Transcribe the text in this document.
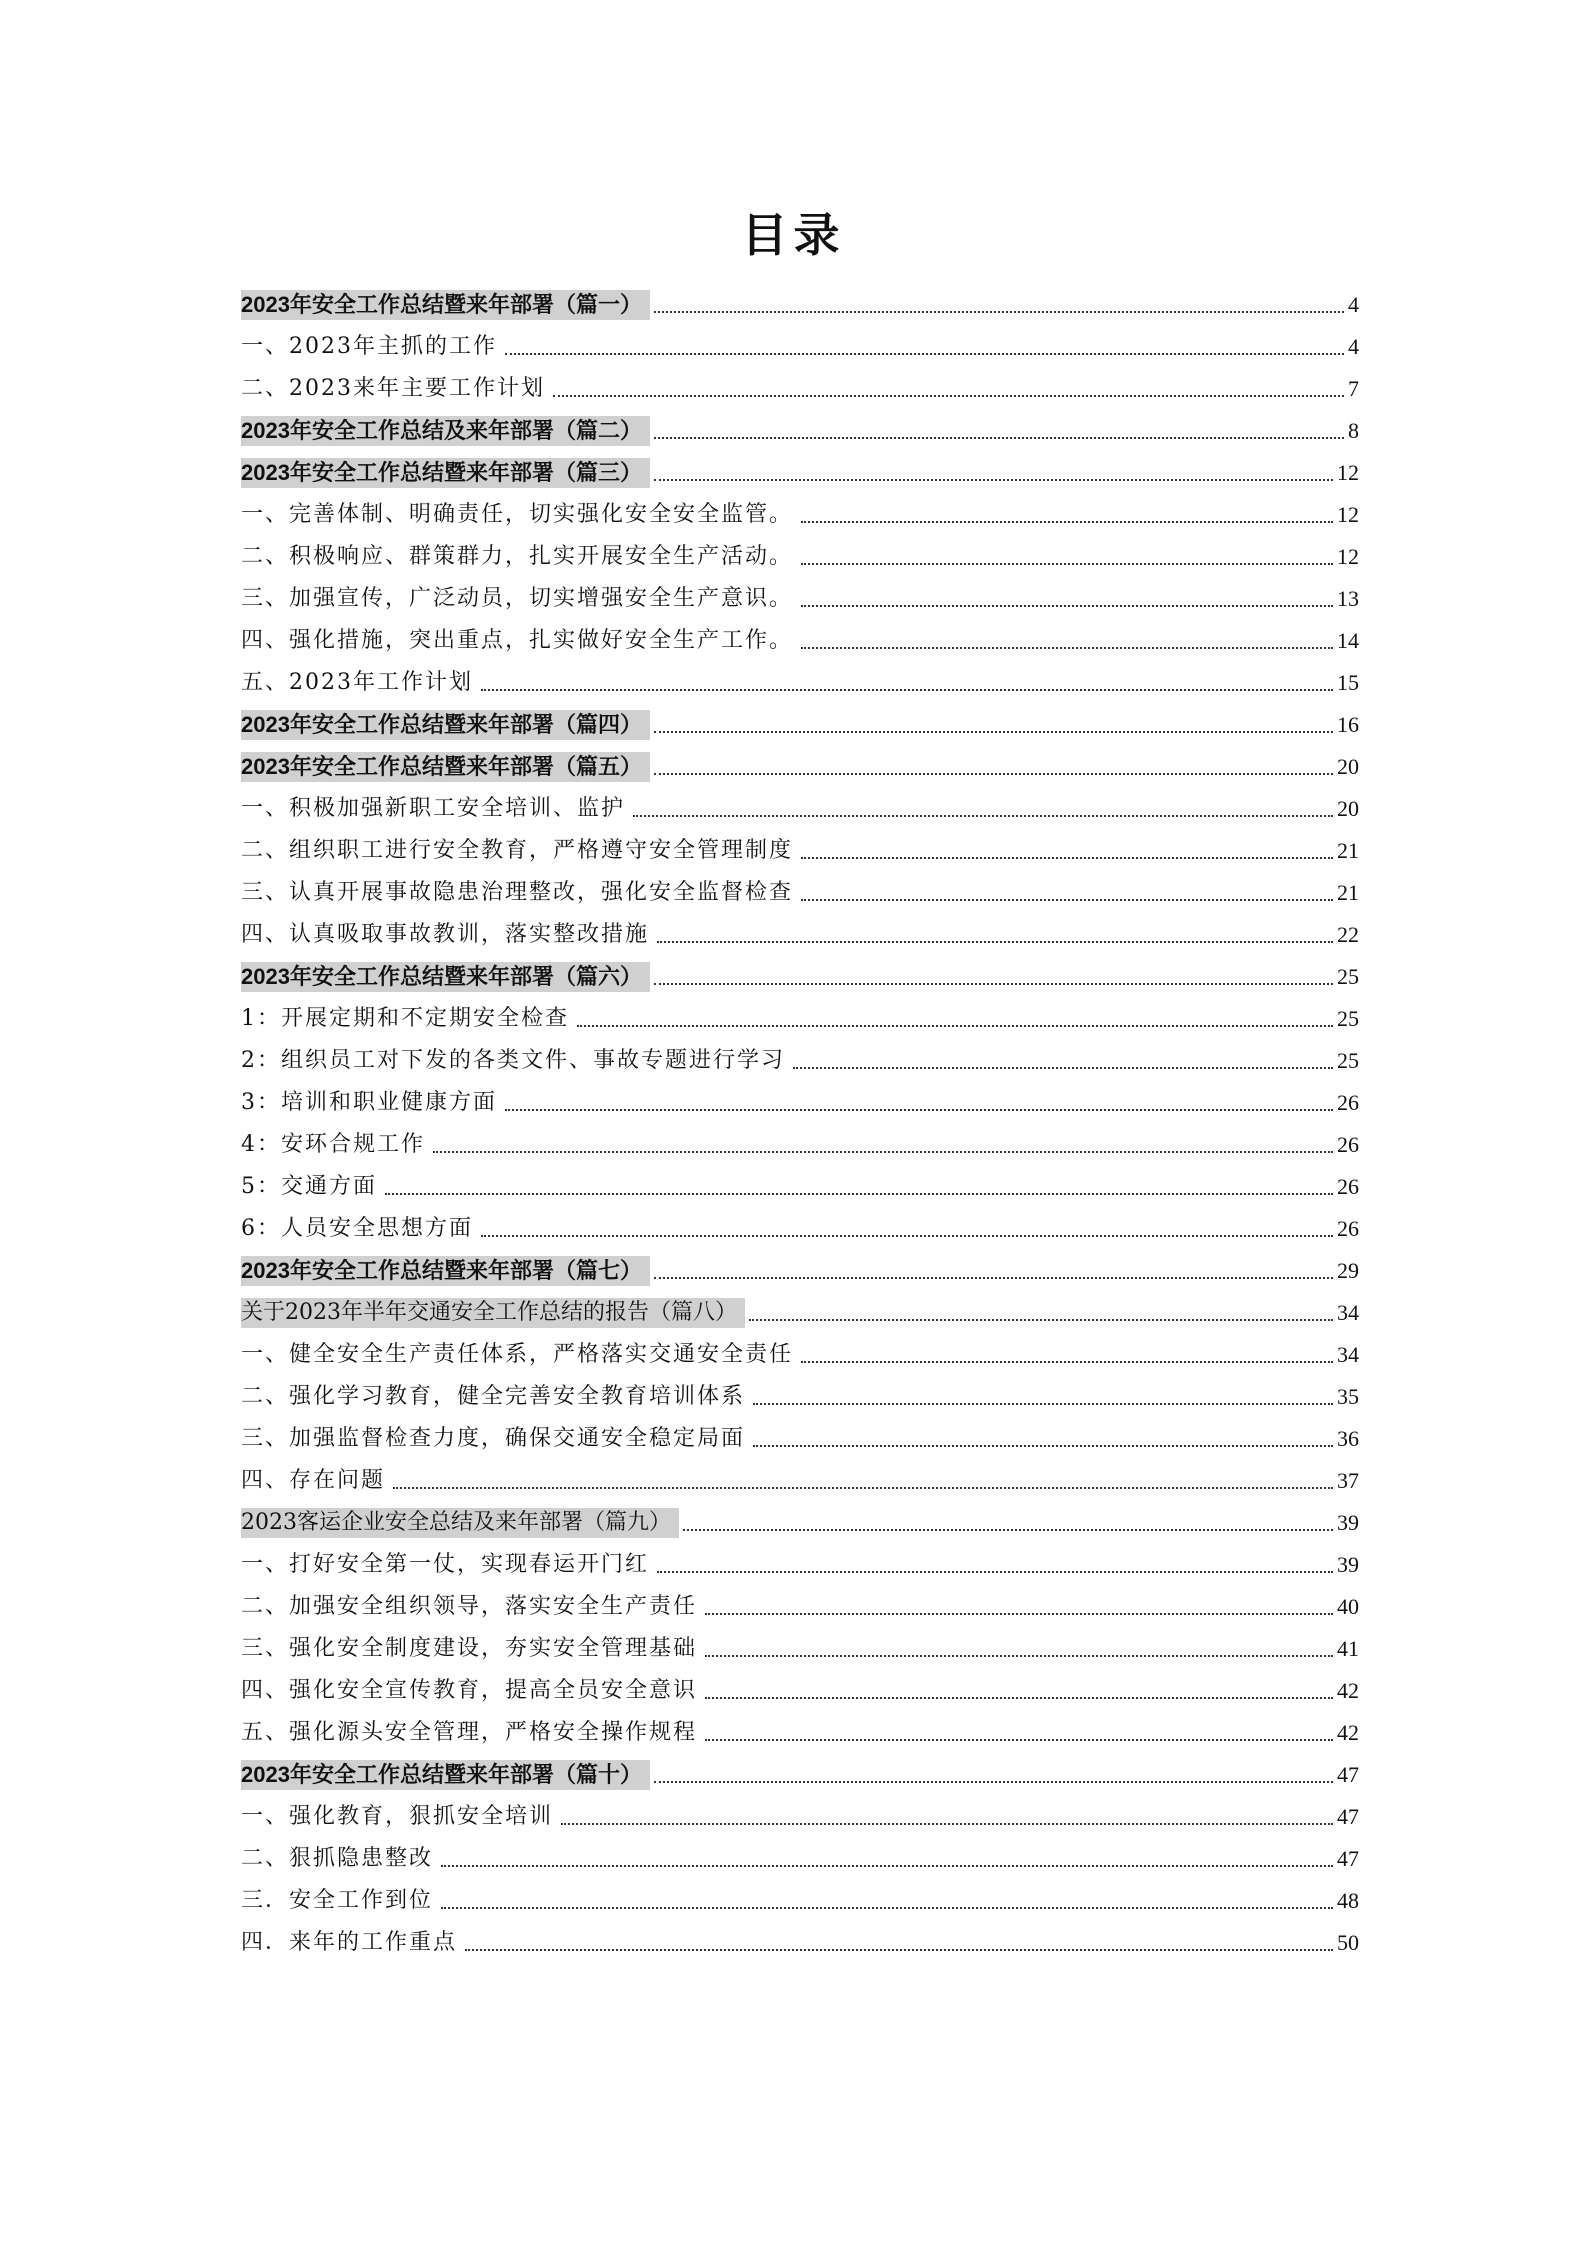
目录
2023年安全工作总结暨来年部署（篇一）	4
一、2023年主抓的工作	4
二、2023来年主要工作计划	7
2023年安全工作总结及来年部署（篇二）	8
2023年安全工作总结暨来年部署（篇三）	12
一、完善体制、明确责任，切实强化安全安全监管。	12
二、积极响应、群策群力，扎实开展安全生产活动。	12
三、加强宣传，广泛动员，切实增强安全生产意识。	13
四、强化措施，突出重点，扎实做好安全生产工作。	14
五、2023年工作计划	15
2023年安全工作总结暨来年部署（篇四）	16
2023年安全工作总结暨来年部署（篇五）	20
一、积极加强新职工安全培训、监护	20
二、组织职工进行安全教育，严格遵守安全管理制度	21
三、认真开展事故隐患治理整改，强化安全监督检查	21
四、认真吸取事故教训，落实整改措施	22
2023年安全工作总结暨来年部署（篇六）	25
1：开展定期和不定期安全检查	25
2：组织员工对下发的各类文件、事故专题进行学习	25
3：培训和职业健康方面	26
4：安环合规工作	26
5：交通方面	26
6：人员安全思想方面	26
2023年安全工作总结暨来年部署（篇七）	29
关于2023年半年交通安全工作总结的报告（篇八）	34
一、健全安全生产责任体系，严格落实交通安全责任	34
二、强化学习教育，健全完善安全教育培训体系	35
三、加强监督检查力度，确保交通安全稳定局面	36
四、存在问题	37
2023客运企业安全总结及来年部署（篇九）	39
一、打好安全第一仗，实现春运开门红	39
二、加强安全组织领导，落实安全生产责任	40
三、强化安全制度建设，夯实安全管理基础	41
四、强化安全宣传教育，提高全员安全意识	42
五、强化源头安全管理，严格安全操作规程	42
2023年安全工作总结暨来年部署（篇十）	47
一、强化教育，狠抓安全培训	47
二、狠抓隐患整改	47
三．安全工作到位	48
四．来年的工作重点	50
